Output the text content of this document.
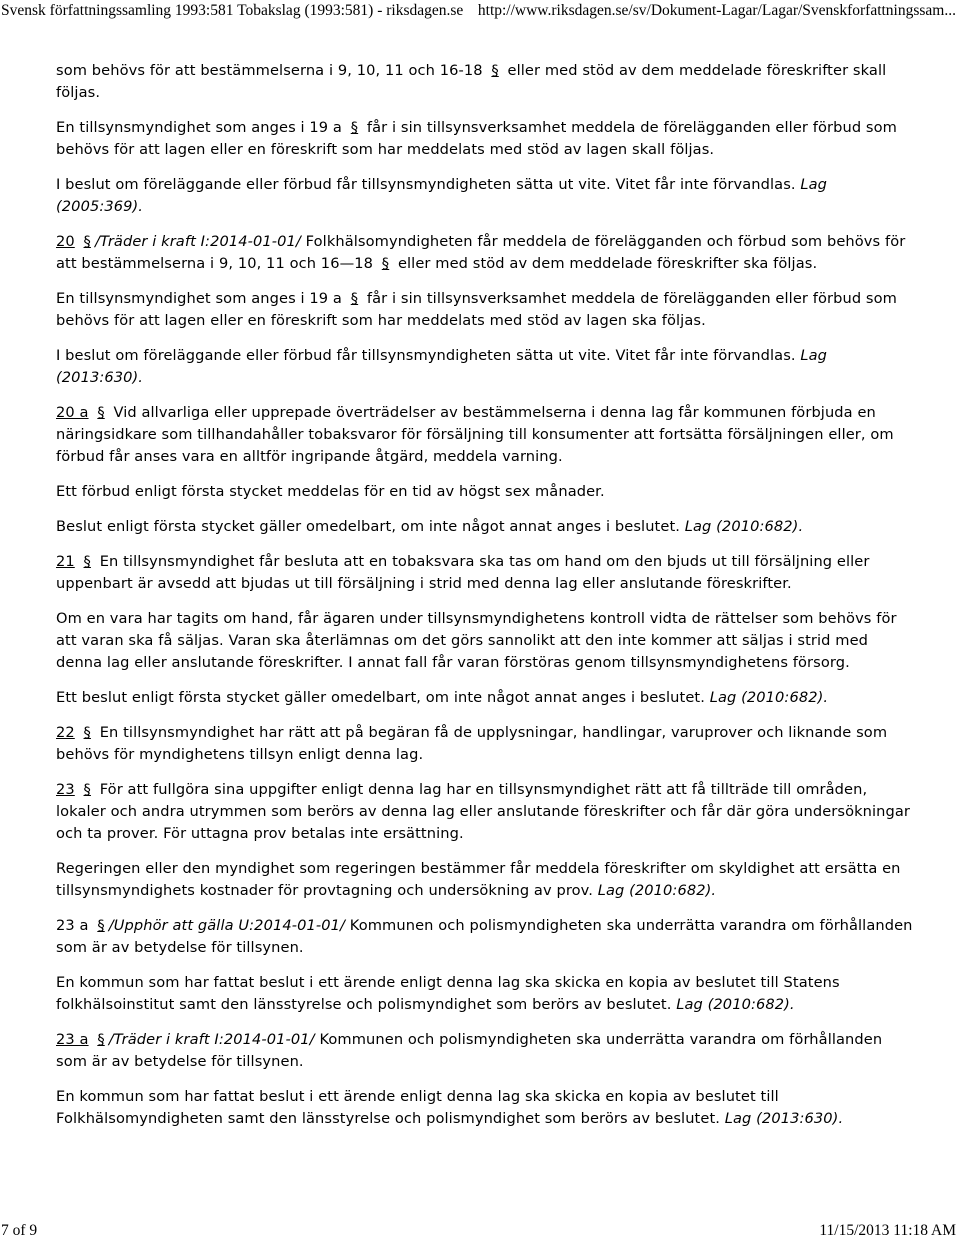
Svensk författningssamling 1993:581 Tobakslag (1993:581) - riksdagen.se http://www.riksdagen.se/sv/Dokument-Lagar/Lagar/Svenskforfattningssam...

som behövs för att bestämmelserna i 9, 10, 11 och 16-18 § eller med stöd av dem meddelade föreskrifter skall följas.

En tillsynsmyndighet som anges i 19 a § får i sin tillsynsverksamhet meddela de förelägganden eller förbud som behövs för att lagen eller en föreskrift som har meddelats med stöd av lagen skall följas.

I beslut om föreläggande eller förbud får tillsynsmyndigheten sätta ut vite. Vitet får inte förvandlas. Lag (2005:369).

20 § /Träder i kraft I:2014-01-01/ Folkhälsomyndigheten får meddela de förelägganden och förbud som behövs för att bestämmelserna i 9, 10, 11 och 16—18 § eller med stöd av dem meddelade föreskrifter ska följas.

En tillsynsmyndighet som anges i 19 a § får i sin tillsynsverksamhet meddela de förelägganden eller förbud som behövs för att lagen eller en föreskrift som har meddelats med stöd av lagen ska följas.

I beslut om föreläggande eller förbud får tillsynsmyndigheten sätta ut vite. Vitet får inte förvandlas. Lag (2013:630).

20 a § Vid allvarliga eller upprepade överträdelser av bestämmelserna i denna lag får kommunen förbjuda en näringsidkare som tillhandahåller tobaksvaror för försäljning till konsumenter att fortsätta försäljningen eller, om förbud får anses vara en alltför ingripande åtgärd, meddela varning.

Ett förbud enligt första stycket meddelas för en tid av högst sex månader.

Beslut enligt första stycket gäller omedelbart, om inte något annat anges i beslutet. Lag (2010:682).

21 § En tillsynsmyndighet får besluta att en tobaksvara ska tas om hand om den bjuds ut till försäljning eller uppenbart är avsedd att bjudas ut till försäljning i strid med denna lag eller anslutande föreskrifter.

Om en vara har tagits om hand, får ägaren under tillsynsmyndighetens kontroll vidta de rättelser som behövs för att varan ska få säljas. Varan ska återlämnas om det görs sannolikt att den inte kommer att säljas i strid med denna lag eller anslutande föreskrifter. I annat fall får varan förstöras genom tillsynsmyndighetens försorg.

Ett beslut enligt första stycket gäller omedelbart, om inte något annat anges i beslutet. Lag (2010:682).

22 § En tillsynsmyndighet har rätt att på begäran få de upplysningar, handlingar, varuprover och liknande som behövs för myndighetens tillsyn enligt denna lag.

23 § För att fullgöra sina uppgifter enligt denna lag har en tillsynsmyndighet rätt att få tillträde till områden, lokaler och andra utrymmen som berörs av denna lag eller anslutande föreskrifter och får där göra undersökningar och ta prover. För uttagna prov betalas inte ersättning.

Regeringen eller den myndighet som regeringen bestämmer får meddela föreskrifter om skyldighet att ersätta en tillsynsmyndighets kostnader för provtagning och undersökning av prov. Lag (2010:682).

23 a § /Upphör att gälla U:2014-01-01/ Kommunen och polismyndigheten ska underrätta varandra om förhållanden som är av betydelse för tillsynen.

En kommun som har fattat beslut i ett ärende enligt denna lag ska skicka en kopia av beslutet till Statens folkhälsoinstitut samt den länsstyrelse och polismyndighet som berörs av beslutet. Lag (2010:682).

23 a § /Träder i kraft I:2014-01-01/ Kommunen och polismyndigheten ska underrätta varandra om förhållanden som är av betydelse för tillsynen.

En kommun som har fattat beslut i ett ärende enligt denna lag ska skicka en kopia av beslutet till Folkhälsomyndigheten samt den länsstyrelse och polismyndighet som berörs av beslutet. Lag (2013:630).

7 of 9	11/15/2013 11:18 AM
